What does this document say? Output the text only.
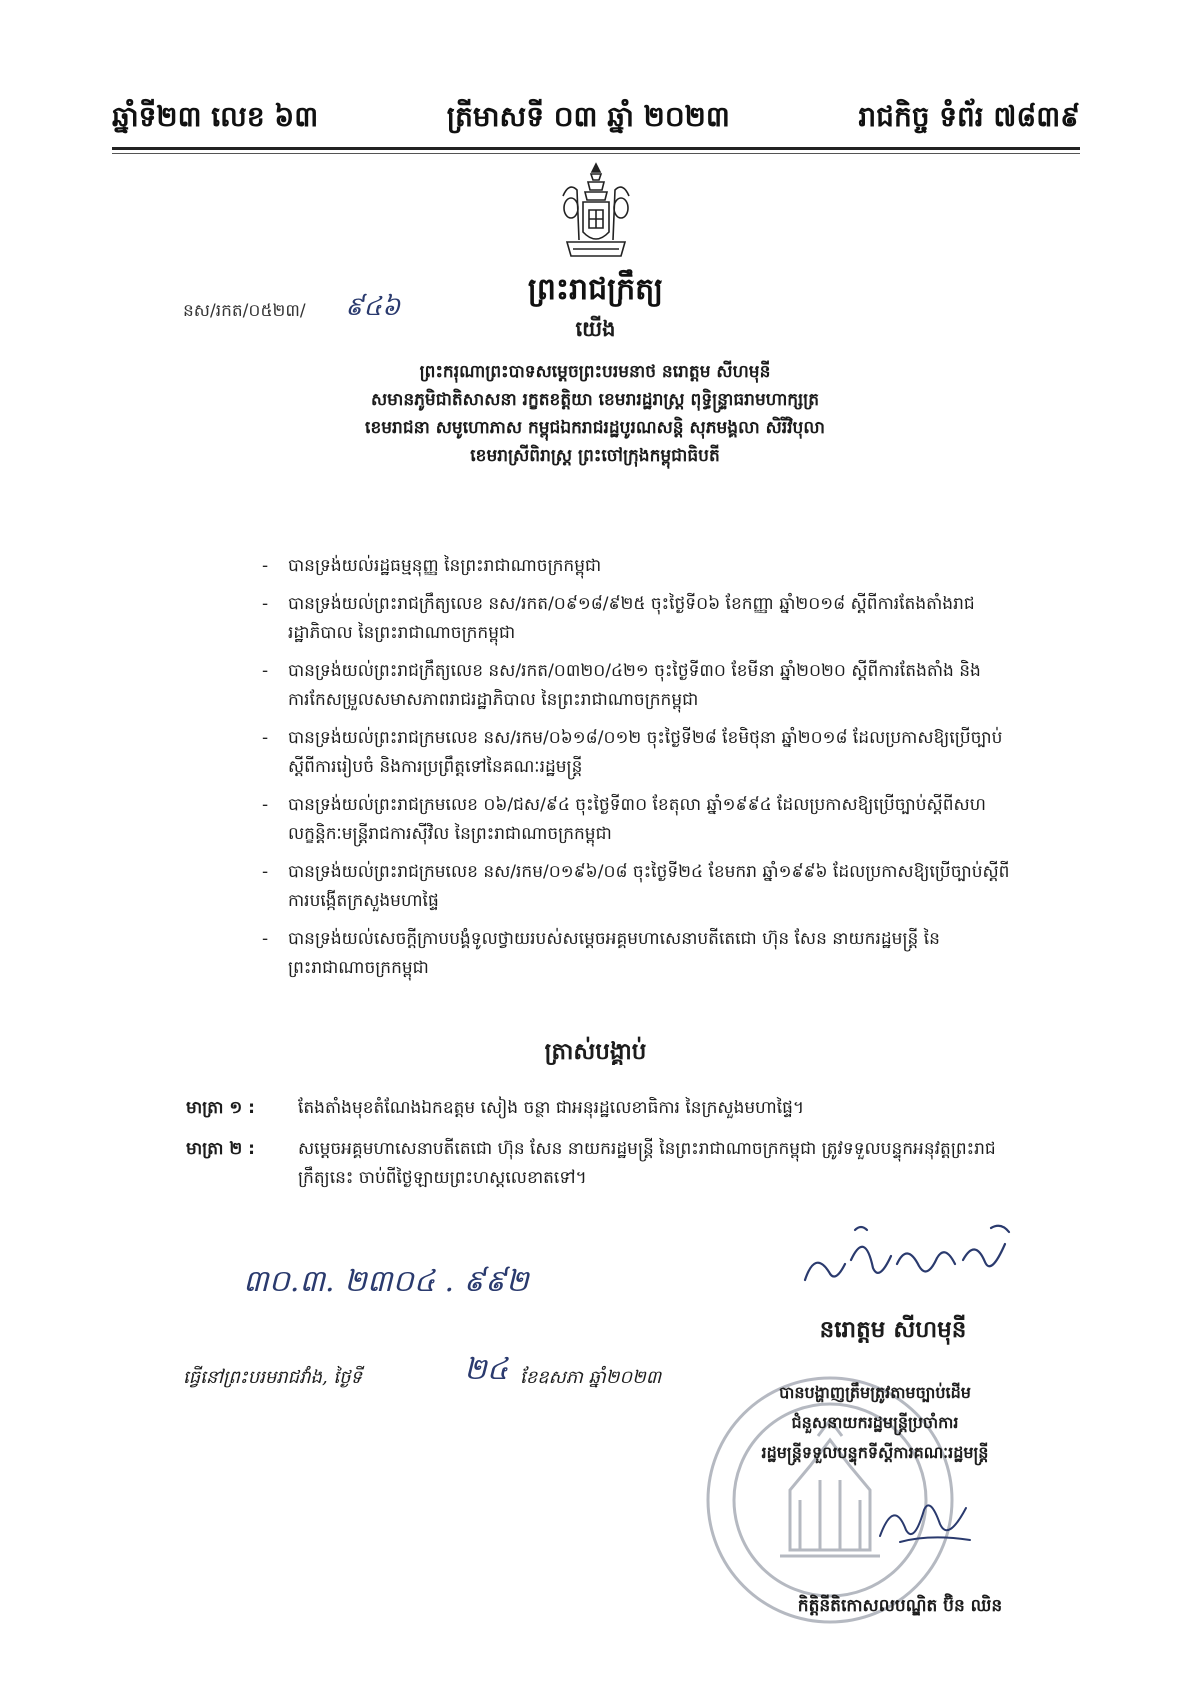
ឆ្នាំទី២៣ លេខ ៦៣	ត្រីមាសទី ០៣ ឆ្នាំ ២០២៣	រាជកិច្ច ទំព័រ ៧៨៣៩
ព្រះរាជក្រឹត្យ
នស/រកត/០៥២៣/ ៩៤៦
យើង
ព្រះករុណាព្រះបាទសម្តេចព្រះបរមនាថ នរោត្តម សីហមុនី
សមានភូមិជាតិសាសនា រក្ខតខត្តិយា ខេមរារដ្ឋរាស្ត្រ ពុទ្ធិន្ទ្រាធរាមហាក្សត្រ
ខេមរាជនា សមូហោភាស កម្ពុជឯករាជរដ្ឋបូរណសន្តិ សុភមង្គលា សិរីវិបុលា
ខេមរាស្រីពិរាស្ត្រ ព្រះចៅក្រុងកម្ពុជាធិបតី
- បានទ្រង់យល់រដ្ឋធម្មនុញ្ញ នៃព្រះរាជាណាចក្រកម្ពុជា
- បានទ្រង់យល់ព្រះរាជក្រឹត្យលេខ នស/រកត/០៩១៨/៩២៥ ចុះថ្ងៃទី០៦ ខែកញ្ញា ឆ្នាំ២០១៨ ស្តីពីការតែងតាំងរាជរដ្ឋាភិបាល នៃព្រះរាជាណាចក្រកម្ពុជា
- បានទ្រង់យល់ព្រះរាជក្រឹត្យលេខ នស/រកត/០៣២០/៤២១ ចុះថ្ងៃទី៣០ ខែមីនា ឆ្នាំ២០២០ ស្តីពីការតែងតាំង និងការកែសម្រួលសមាសភាពរាជរដ្ឋាភិបាល នៃព្រះរាជាណាចក្រកម្ពុជា
- បានទ្រង់យល់ព្រះរាជក្រមលេខ នស/រកម/០៦១៨/០១២ ចុះថ្ងៃទី២៨ ខែមិថុនា ឆ្នាំ២០១៨ ដែលប្រកាសឱ្យប្រើច្បាប់ស្តីពីការរៀបចំ និងការប្រព្រឹត្តទៅនៃគណៈរដ្ឋមន្ត្រី
- បានទ្រង់យល់ព្រះរាជក្រមលេខ ០៦/ជស/៩៤ ចុះថ្ងៃទី៣០ ខែតុលា ឆ្នាំ១៩៩៤ ដែលប្រកាសឱ្យប្រើច្បាប់ស្តីពីសហលក្ខន្តិកៈមន្ត្រីរាជការស៊ីវិល នៃព្រះរាជាណាចក្រកម្ពុជា
- បានទ្រង់យល់ព្រះរាជក្រមលេខ នស/រកម/០១៩៦/០៨ ចុះថ្ងៃទី២៤ ខែមករា ឆ្នាំ១៩៩៦ ដែលប្រកាសឱ្យប្រើច្បាប់ស្តីពីការបង្កើតក្រសួងមហាផ្ទៃ
- បានទ្រង់យល់សេចក្តីក្រាបបង្គំទូលថ្វាយរបស់សម្តេចអគ្គមហាសេនាបតីតេជោ ហ៊ុន សែន នាយករដ្ឋមន្ត្រី នៃព្រះរាជាណាចក្រកម្ពុជា
ត្រាស់បង្គាប់
មាត្រា ១ :	តែងតាំងមុខតំណែងឯកឧត្តម សៀង ចន្ថា ជាអនុរដ្ឋលេខាធិការ នៃក្រសួងមហាផ្ទៃ។
មាត្រា ២ :	សម្តេចអគ្គមហាសេនាបតីតេជោ ហ៊ុន សែន នាយករដ្ឋមន្ត្រី នៃព្រះរាជាណាចក្រកម្ពុជា ត្រូវទទួលបន្ទុកអនុវត្តព្រះរាជក្រឹត្យនេះ ចាប់ពីថ្ងៃឡាយព្រះហស្តលេខាតទៅ។
៣០.៣. ២៣០៤ . ៩៩២
ធ្វើនៅព្រះបរមរាជវាំង, ថ្ងៃទី	២៤ ខែឧសភា ឆ្នាំ២០២៣
នរោត្តម សីហមុនី
បានបង្ហាញត្រឹមត្រូវតាមច្បាប់ដើម
ជំនួសនាយករដ្ឋមន្ត្រីប្រចាំការ
រដ្ឋមន្ត្រីទទួលបន្ទុកទីស្តីការគណៈរដ្ឋមន្ត្រី
កិត្តិនីតិកោសលបណ្ឌិត ប៊ិន ឈិន
